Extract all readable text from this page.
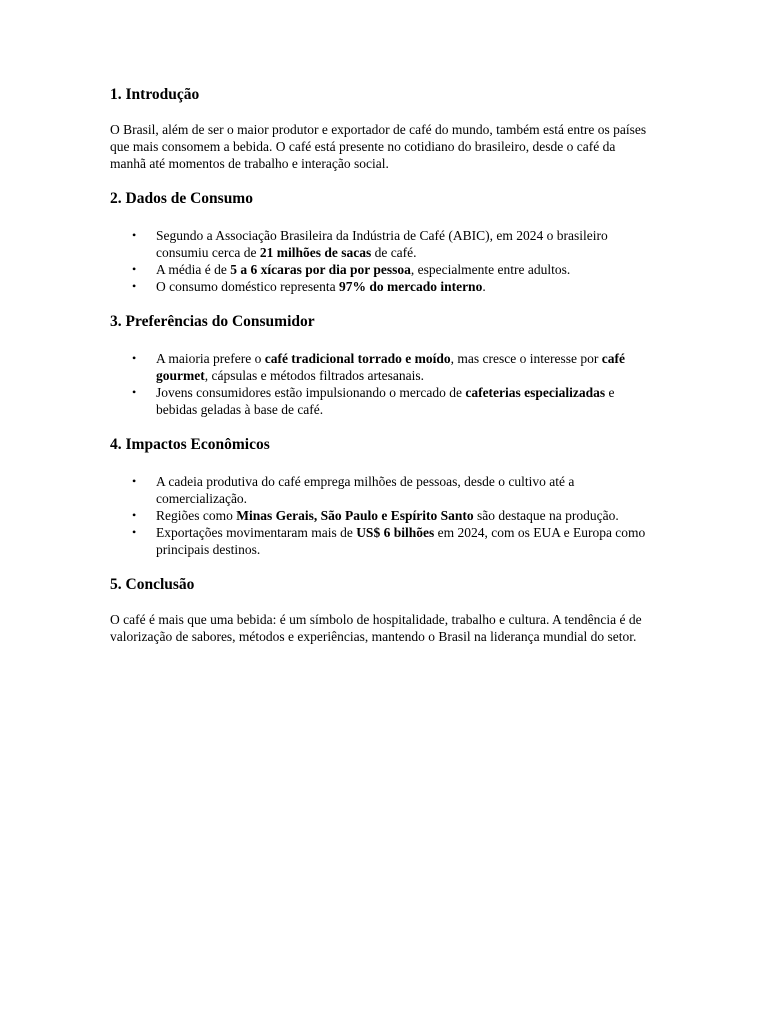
1. Introdução

O Brasil, além de ser o maior produtor e exportador de café do mundo, também está entre os países que mais consomem a bebida. O café está presente no cotidiano do brasileiro, desde o café da manhã até momentos de trabalho e interação social.

2. Dados de Consumo
• Segundo a Associação Brasileira da Indústria de Café (ABIC), em 2024 o brasileiro consumiu cerca de 21 milhões de sacas de café.
• A média é de 5 a 6 xícaras por dia por pessoa, especialmente entre adultos.
• O consumo doméstico representa 97% do mercado interno.
3. Preferências do Consumidor
• A maioria prefere o café tradicional torrado e moído, mas cresce o interesse por café gourmet, cápsulas e métodos filtrados artesanais.
• Jovens consumidores estão impulsionando o mercado de cafeterias especializadas e bebidas geladas à base de café.
4. Impactos Econômicos
• A cadeia produtiva do café emprega milhões de pessoas, desde o cultivo até a comercialização.
• Regiões como Minas Gerais, São Paulo e Espírito Santo são destaque na produção.
• Exportações movimentaram mais de US$ 6 bilhões em 2024, com os EUA e Europa como principais destinos.
5. Conclusão

O café é mais que uma bebida: é um símbolo de hospitalidade, trabalho e cultura. A tendência é de valorização de sabores, métodos e experiências, mantendo o Brasil na liderança mundial do setor.
